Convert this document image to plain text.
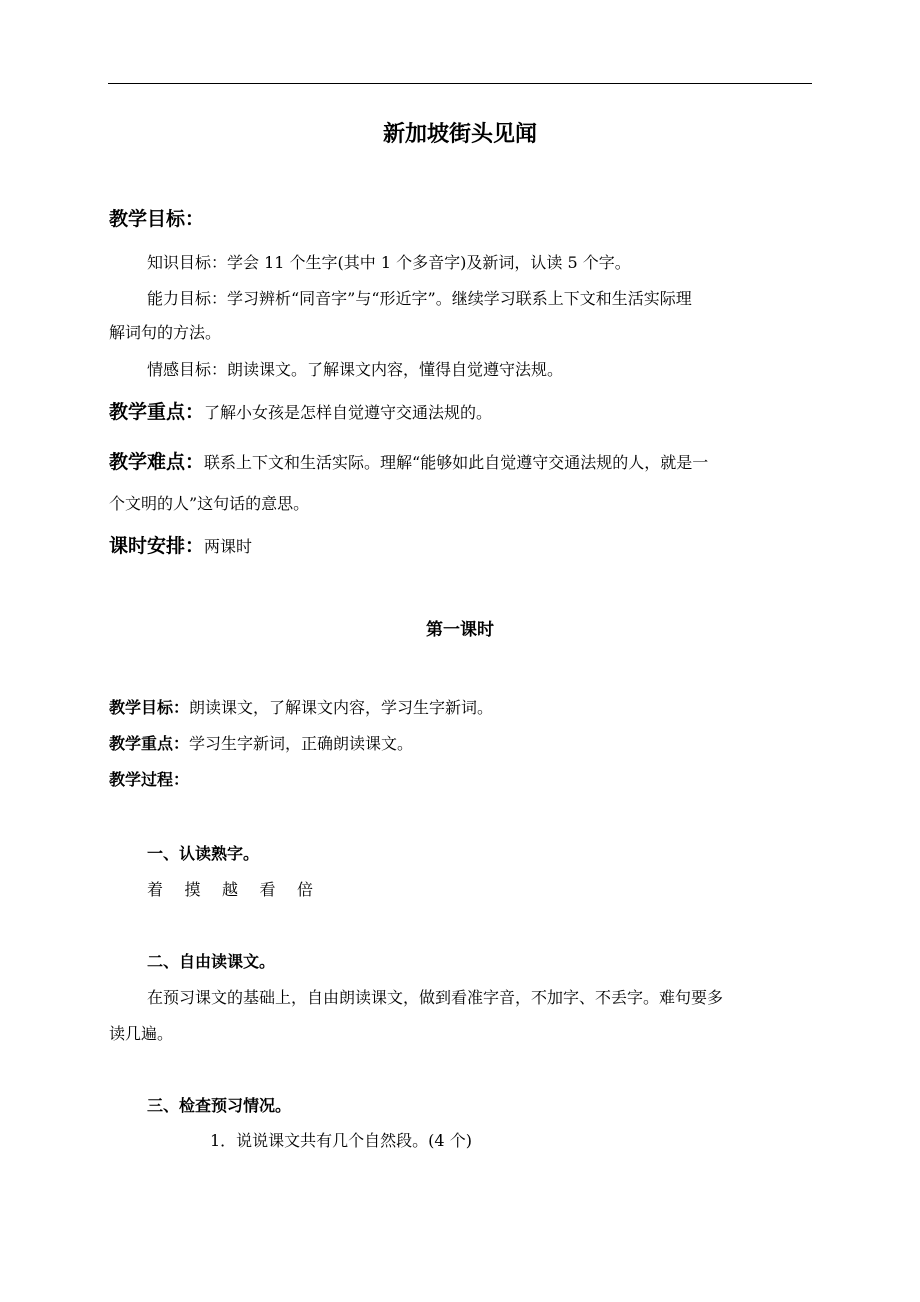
新加坡街头见闻
教学目标：
知识目标：学会 11 个生字(其中 1 个多音字)及新词，认读 5 个字。
能力目标：学习辨析“同音字”与“形近字”。继续学习联系上下文和生活实际理
解词句的方法。
情感目标：朗读课文。了解课文内容，懂得自觉遵守法规。
教学重点：了解小女孩是怎样自觉遵守交通法规的。
教学难点：联系上下文和生活实际。理解“能够如此自觉遵守交通法规的人，就是一
个文明的人”这句话的意思。
课时安排：两课时
第一课时
教学目标：朗读课文，了解课文内容，学习生字新词。
教学重点：学习生字新词，正确朗读课文。
教学过程：
一、认读熟字。
着 摸 越 看 倍
二、自由读课文。
在预习课文的基础上，自由朗读课文，做到看准字音，不加字、不丢字。难句要多
读几遍。
三、检查预习情况。
1．说说课文共有几个自然段。(4 个)
